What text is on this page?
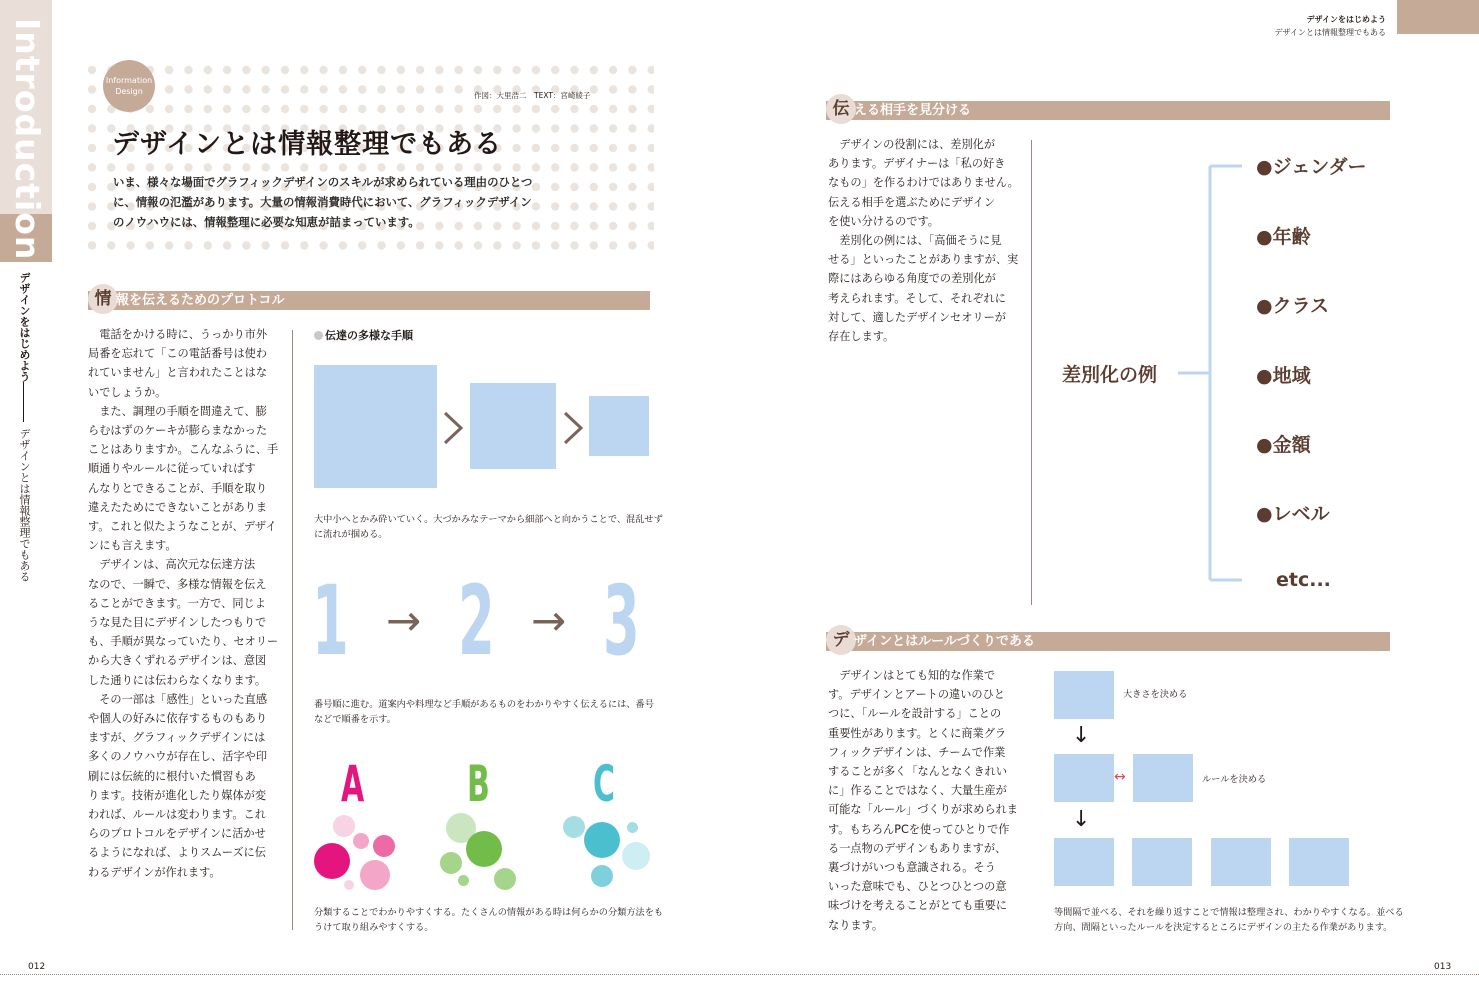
Introduction
デザインをはじめよう
デザインとは情報整理でもある
Information
Design	作図：大里浩二　TEXT：宮崎綾子
デザインとは情報整理でもある
いま、様々な場面でグラフィックデザインのスキルが求められている理由のひとつ
に、情報の氾濫があります。大量の情報消費時代において、グラフィックデザイン
のノウハウには、情報整理に必要な知恵が詰まっています。
情 報を伝えるためのプロトコル
電話をかける時に、うっかり市外
局番を忘れて「この電話番号は使わ
れていません」と言われたことはな
いでしょうか。
また、調理の手順を間違えて、膨
らむはずのケーキが膨らまなかった
ことはありますか。こんなふうに、手
順通りやルールに従っていればす
んなりとできることが、手順を取り
違えたためにできないことがありま
す。これと似たようなことが、デザイ
ンにも言えます。
デザインは、高次元な伝達方法
なので、一瞬で、多様な情報を伝え
ることができます。一方で、同じよ
うな見た目にデザインしたつもりで
も、手順が異なっていたり、セオリー
から大きくずれるデザインは、意図
した通りには伝わらなくなります。
その一部は「感性」といった直感
や個人の好みに依存するものもあり
ますが、グラフィックデザインには
多くのノウハウが存在し、活字や印
刷には伝統的に根付いた慣習もあ
ります。技術が進化したり媒体が変
われば、ルールは変わります。これ
らのプロトコルをデザインに活かせ
るようになれば、よりスムーズに伝
わるデザインが作れます。
伝達の多様な手順
大中小へとかみ砕いていく。大づかみなテーマから細部へと向かうことで、混乱せず
に流れが掴める。
1 → 2 → 3
番号順に進む。道案内や料理など手順があるものをわかりやすく伝えるには、番号
などで順番を示す。
A B C
分類することでわかりやすくする。たくさんの情報がある時は何らかの分類方法をも
うけて取り組みやすくする。
デザインをはじめよう
デザインとは情報整理でもある
伝 える相手を見分ける
デザインの役割には、差別化が
あります。デザイナーは「私の好き
なもの」を作るわけではありません。
伝える相手を選ぶためにデザイン
を使い分けるのです。
差別化の例には、「高価そうに見
せる」といったことがありますが、実
際にはあらゆる角度での差別化が
考えられます。そして、それぞれに
対して、適したデザインセオリーが
存在します。
差別化の例
●ジェンダー
●年齢
●クラス
●地域
●金額
●レベル
etc...
デ ザインとはルールづくりである
デザインはとても知的な作業で
す。デザインとアートの違いのひと
つに、「ルールを設計する」ことの
重要性があります。とくに商業グラ
フィックデザインは、チームで作業
することが多く「なんとなくきれい
に」作ることではなく、大量生産が
可能な「ルール」づくりが求められま
す。もちろんPCを使ってひとりで作
る一点物のデザインもありますが、
裏づけがいつも意識される。そう
いった意味でも、ひとつひとつの意
味づけを考えることがとても重要に
なります。
大きさを決める
↓
↔	ルールを決める
↓
等間隔で並べる、それを繰り返すことで情報は整理され、わかりやすくなる。並べる
方向、間隔といったルールを決定するところにデザインの主たる作業があります。
012	013
